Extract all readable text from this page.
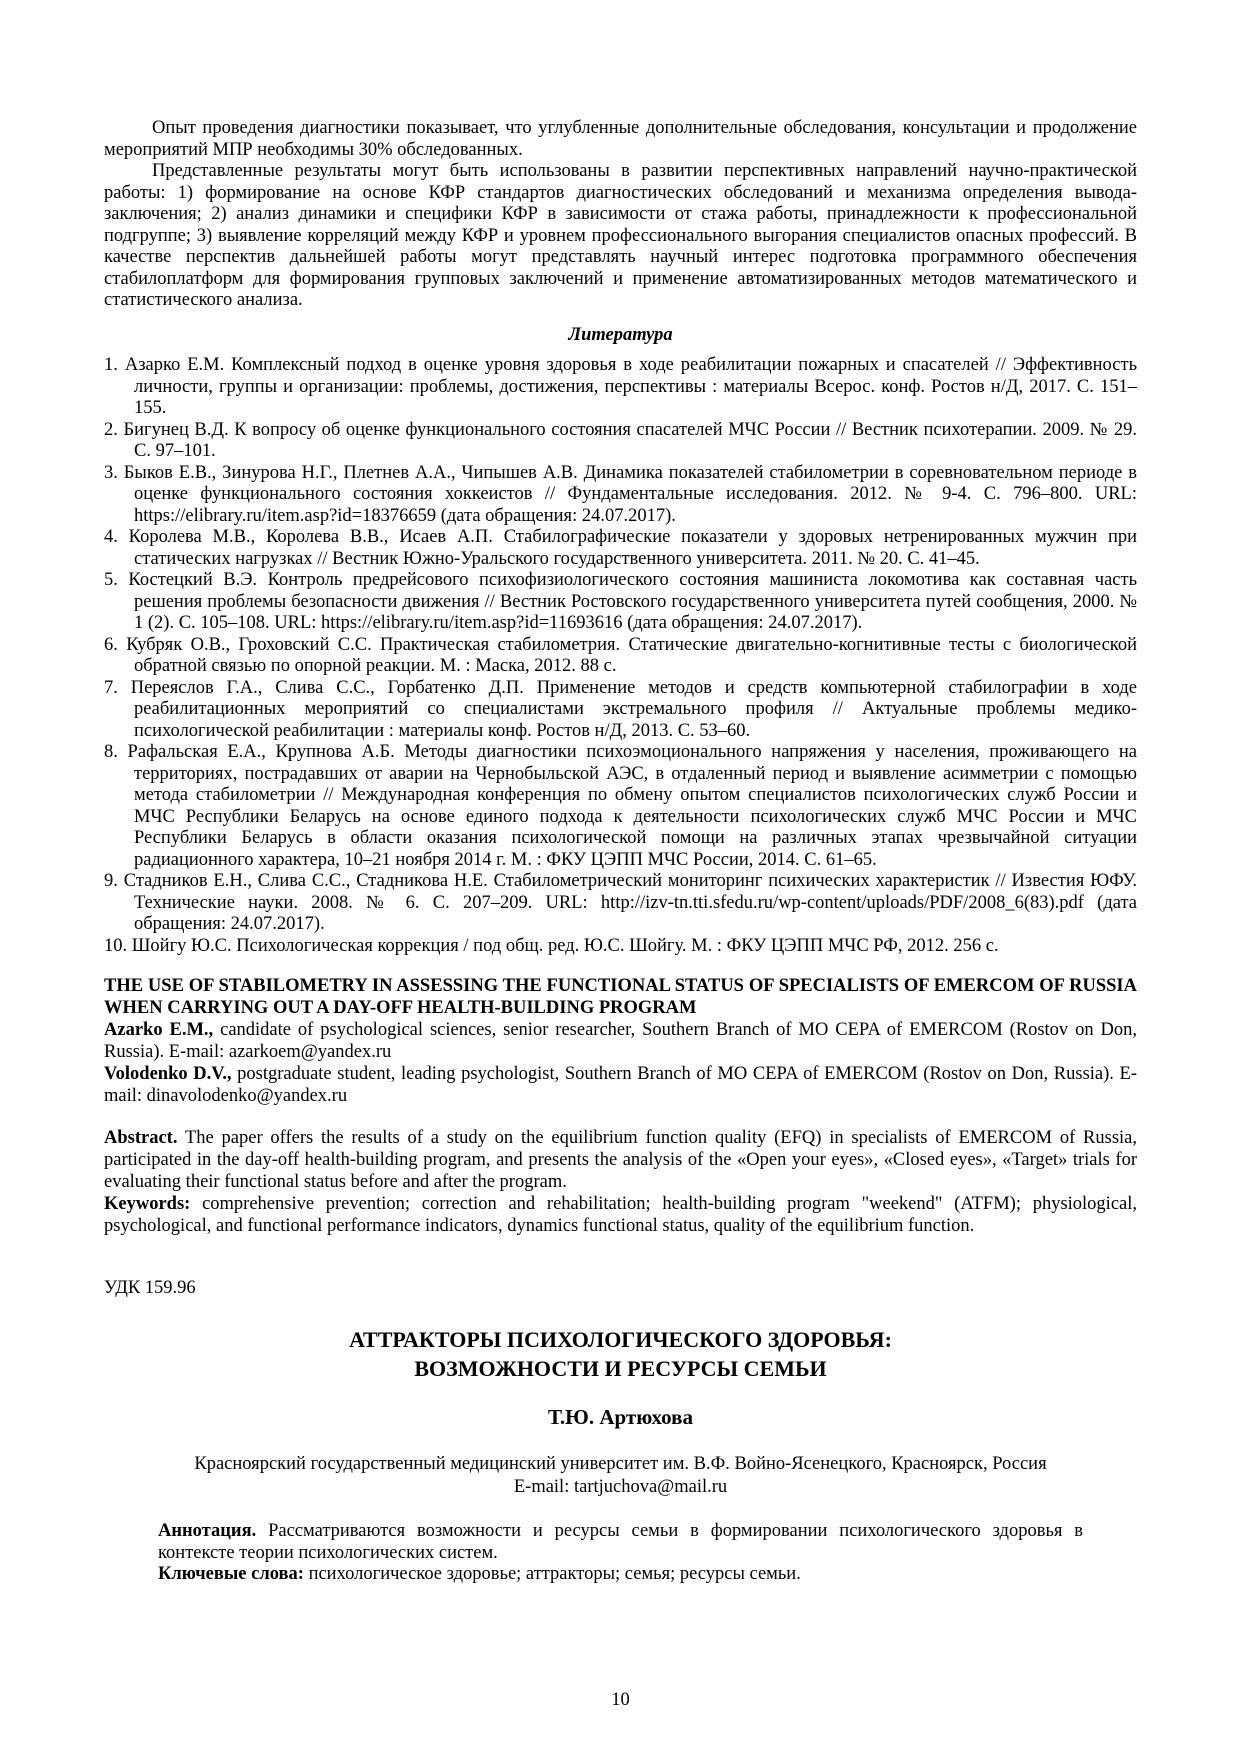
Опыт проведения диагностики показывает, что углубленные дополнительные обследования, консультации и продолжение мероприятий МПР необходимы 30% обследованных.

Представленные результаты могут быть использованы в развитии перспективных направлений научно-практической работы: 1) формирование на основе КФР стандартов диагностических обследований и механизма определения вывода-заключения; 2) анализ динамики и специфики КФР в зависимости от стажа работы, принадлежности к профессиональной подгруппе; 3) выявление корреляций между КФР и уровнем профессионального выгорания специалистов опасных профессий. В качестве перспектив дальнейшей работы могут представлять научный интерес подготовка программного обеспечения стабилоплатформ для формирования групповых заключений и применение автоматизированных методов математического и статистического анализа.

Литература

1. Азарко Е.М. Комплексный подход в оценке уровня здоровья в ходе реабилитации пожарных и спасателей // Эффективность личности, группы и организации: проблемы, достижения, перспективы : материалы Всерос. конф. Ростов н/Д, 2017. С. 151–155.

2. Бигунец В.Д. К вопросу об оценке функционального состояния спасателей МЧС России // Вестник психотерапии. 2009. № 29. С. 97–101.

3. Быков Е.В., Зинурова Н.Г., Плетнев А.А., Чипышев А.В. Динамика показателей стабилометрии в соревновательном периоде в оценке функционального состояния хоккеистов // Фундаментальные исследования. 2012. № 9-4. С. 796–800. URL: https://elibrary.ru/item.asp?id=18376659 (дата обращения: 24.07.2017).

4. Королева М.В., Королева В.В., Исаев А.П. Стабилографические показатели у здоровых нетренированных мужчин при статических нагрузках // Вестник Южно-Уральского государственного университета. 2011. № 20. С. 41–45.

5. Костецкий В.Э. Контроль предрейсового психофизиологического состояния машиниста локомотива как составная часть решения проблемы безопасности движения // Вестник Ростовского государственного университета путей сообщения, 2000. № 1 (2). С. 105–108. URL: https://elibrary.ru/item.asp?id=11693616 (дата обращения: 24.07.2017).

6. Кубряк О.В., Гроховский С.С. Практическая стабилометрия. Статические двигательно-когнитивные тесты с биологической обратной связью по опорной реакции. М. : Маска, 2012. 88 с.

7. Переяслов Г.А., Слива С.С., Горбатенко Д.П. Применение методов и средств компьютерной стабилографии в ходе реабилитационных мероприятий со специалистами экстремального профиля // Актуальные проблемы медико-психологической реабилитации : материалы конф. Ростов н/Д, 2013. С. 53–60.

8. Рафальская Е.А., Крупнова А.Б. Методы диагностики психоэмоционального напряжения у населения, проживающего на территориях, пострадавших от аварии на Чернобыльской АЭС, в отдаленный период и выявление асимметрии с помощью метода стабилометрии // Международная конференция по обмену опытом специалистов психологических служб России и МЧС Республики Беларусь на основе единого подхода к деятельности психологических служб МЧС России и МЧС Республики Беларусь в области оказания психологической помощи на различных этапах чрезвычайной ситуации радиационного характера, 10–21 ноября 2014 г. М. : ФКУ ЦЭПП МЧС России, 2014. С. 61–65.

9. Стадников Е.Н., Слива С.С., Стадникова Н.Е. Стабилометрический мониторинг психических характеристик // Известия ЮФУ. Технические науки. 2008. № 6. С. 207–209. URL: http://izv-tn.tti.sfedu.ru/wp-content/uploads/PDF/2008_6(83).pdf (дата обращения: 24.07.2017).

10. Шойгу Ю.С. Психологическая коррекция / под общ. ред. Ю.С. Шойгу. М. : ФКУ ЦЭПП МЧС РФ, 2012. 256 с.

THE USE OF STABILOMETRY IN ASSESSING THE FUNCTIONAL STATUS OF SPECIALISTS OF EMERCOM OF RUSSIA WHEN CARRYING OUT A DAY-OFF HEALTH-BUILDING PROGRAM

Azarko E.M., candidate of psychological sciences, senior researcher, Southern Branch of MO CEPA of EMERCOM (Rostov on Don, Russia). E-mail: azarkoem@yandex.ru

Volodenko D.V., postgraduate student, leading psychologist, Southern Branch of MO CEPA of EMERCOM (Rostov on Don, Russia). E-mail: dinavolodenko@yandex.ru

Abstract. The paper offers the results of a study on the equilibrium function quality (EFQ) in specialists of EMERCOM of Russia, participated in the day-off health-building program, and presents the analysis of the «Open your eyes», «Closed eyes», «Target» trials for evaluating their functional status before and after the program.

Keywords: comprehensive prevention; correction and rehabilitation; health-building program "weekend" (ATFM); physiological, psychological, and functional performance indicators, dynamics functional status, quality of the equilibrium function.

УДК 159.96

АТТРАКТОРЫ ПСИХОЛОГИЧЕСКОГО ЗДОРОВЬЯ:
ВОЗМОЖНОСТИ И РЕСУРСЫ СЕМЬИ

Т.Ю. Артюхова

Красноярский государственный медицинский университет им. В.Ф. Войно-Ясенецкого, Красноярск, Россия
E-mail: tartjuchova@mail.ru

Аннотация. Рассматриваются возможности и ресурсы семьи в формировании психологического здоровья в контексте теории психологических систем.

Ключевые слова: психологическое здоровье; аттракторы; семья; ресурсы семьи.

10
